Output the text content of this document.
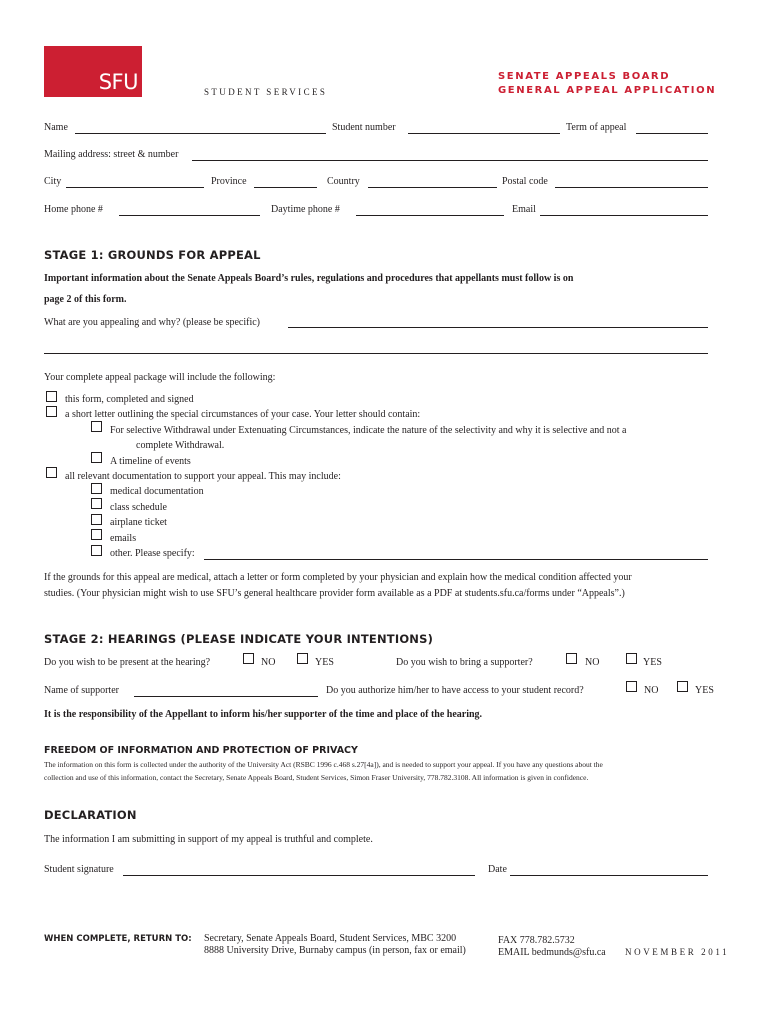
SFU	STUDENT SERVICES
SENATE APPEALS BOARD
GENERAL APPEAL APPLICATION
Name	Student number	Term of appeal
Mailing address: street & number
City	Province	Country	Postal code
Home phone #	Daytime phone #	Email
STAGE 1: GROUNDS FOR APPEAL
Important information about the Senate Appeals Board’s rules, regulations and procedures that appellants must follow is on
page 2 of this form.
What are you appealing and why? (please be specific)
Your complete appeal package will include the following:
this form, completed and signed
a short letter outlining the special circumstances of your case. Your letter should contain:
For selective Withdrawal under Extenuating Circumstances, indicate the nature of the selectivity and why it is selective and not a
complete Withdrawal.
A timeline of events
all relevant documentation to support your appeal. This may include:
medical documentation
class schedule
airplane ticket
emails
other. Please specify:
If the grounds for this appeal are medical, attach a letter or form completed by your physician and explain how the medical condition affected your
studies. (Your physician might wish to use SFU’s general healthcare provider form available as a PDF at students.sfu.ca/forms under “Appeals”.)
STAGE 2: HEARINGS (PLEASE INDICATE YOUR INTENTIONS)
Do you wish to be present at the hearing?	NO	YES	Do you wish to bring a supporter?	NO	YES
Name of supporter	Do you authorize him/her to have access to your student record?	NO	YES
It is the responsibility of the Appellant to inform his/her supporter of the time and place of the hearing.
FREEDOM OF INFORMATION AND PROTECTION OF PRIVACY
The information on this form is collected under the authority of the University Act (RSBC 1996 c.468 s.27[4a]), and is needed to support your appeal. If you have any questions about the
collection and use of this information, contact the Secretary, Senate Appeals Board, Student Services, Simon Fraser University, 778.782.3108. All information is given in confidence.
DECLARATION
The information I am submitting in support of my appeal is truthful and complete.
Student signature	Date
WHEN COMPLETE, RETURN TO: Secretary, Senate Appeals Board, Student Services, MBC 3200
8888 University Drive, Burnaby campus (in person, fax or email)
FAX 778.782.5732
EMAIL bedmunds@sfu.ca NOVEMBER 2011
